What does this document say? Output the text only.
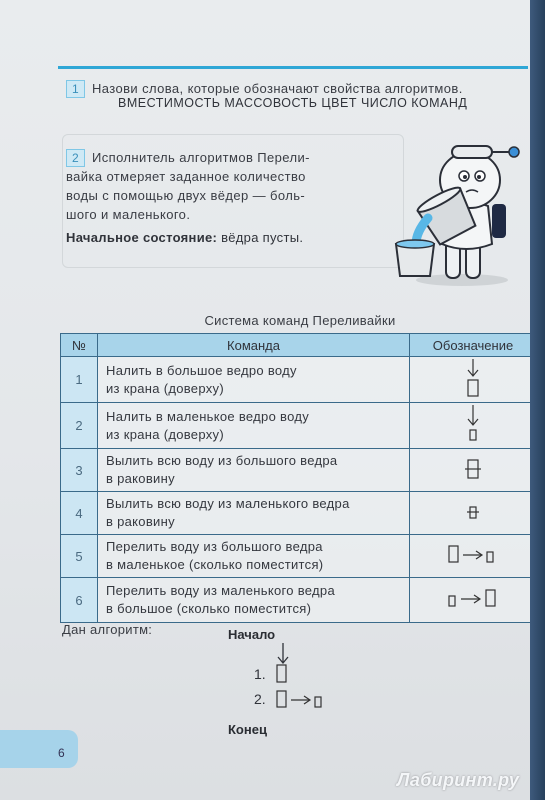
1 Назови слова, которые обозначают свойства алгоритмов.
ВМЕСТИМОСТЬ МАССОВОСТЬ ЦВЕТ ЧИСЛО КОМАНД
2 Исполнитель алгоритмов Перели-
вайка отмеряет заданное количество
воды с помощью двух вёдер — боль-
шого и маленького.
Начальное состояние: вёдра пусты.
Система команд Переливайки
№	Команда	Обозначение
1	Налить в большое ведро воду
из крана (доверху)	
2	Налить в маленькое ведро воду
из крана (доверху)	
3	Вылить всю воду из большого ведра
в раковину	
4	Вылить всю воду из маленького ведра
в раковину	
5	Перелить воду из большого ведра
в маленькое (сколько поместится)	
6	Перелить воду из маленького ведра
в большое (сколько поместится)	
Дан алгоритм:	Начало
1.
2.
Конец
6
Лабиринт.ру
